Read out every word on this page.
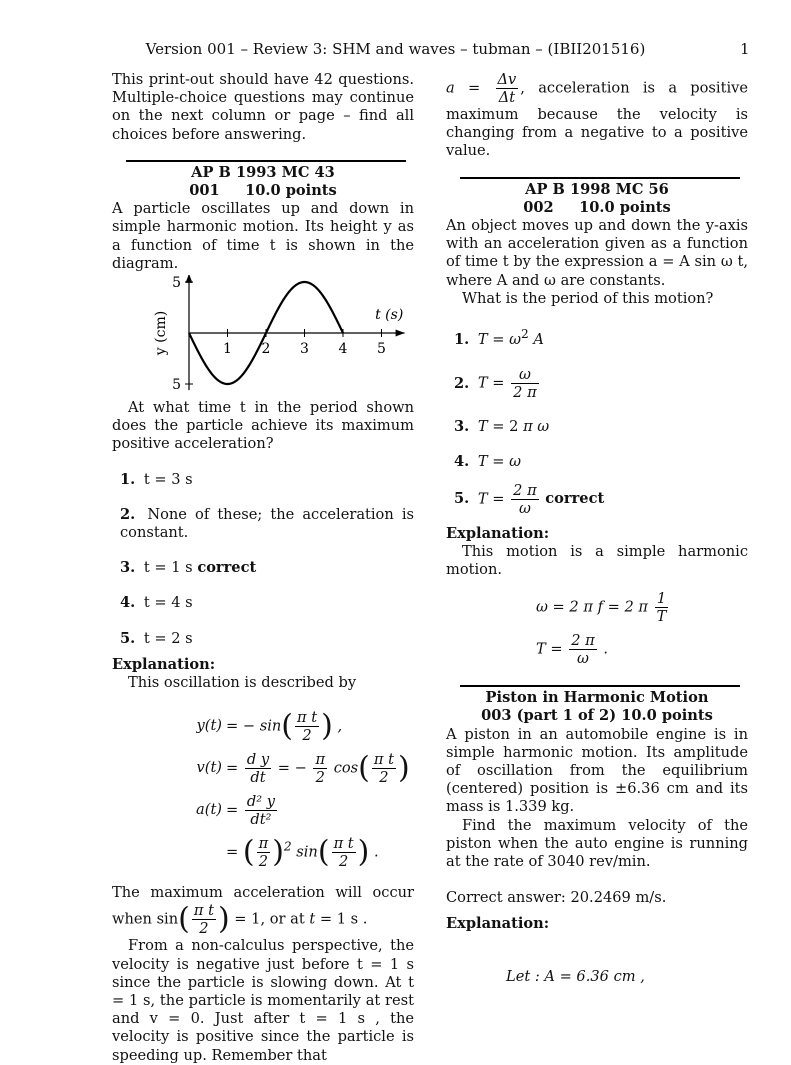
Version 001 – Review 3: SHM and waves – tubman – (IBII201516)	1

This print-out should have 42 questions. Multiple-choice questions may continue on the next column or page – find all choices before answering.

AP B 1993 MC 43
001 10.0 points

A particle oscillates up and down in simple harmonic motion. Its height y as a function of time t is shown in the diagram.

5
5
1 2 3 4 5
t (s)
y (cm)

At what time t in the period shown does the particle achieve its maximum positive acceleration?

1. t = 3 s
2. None of these; the acceleration is constant.
3. t = 1 s correct
4. t = 4 s
5. t = 2 s
Explanation:

This oscillation is described by

y(t) = − $\sin( \frac{\text{π t}}{2}$ ) ,
$v(t) = \frac{\text{d y}}{dt}$ = − $\frac{\pi}{2} \cos( \frac{\text{π t}}{2}$ )
$a(t) = \frac{\text{d² y}}{\text{dt²}}$
= ( $\frac{\pi}{2} )^2$ $\sin( \frac{\text{π t}}{2}$ ) .

The maximum acceleration will occur when $\sin( \frac{\text{π t}}{2}$ ) = 1, or at t = 1 s .

From a non-calculus perspective, the velocity is negative just before t = 1 s since the particle is slowing down. At t = 1 s, the particle is momentarily at rest and v = 0. Just after t = 1 s , the velocity is positive since the particle is speeding up. Remember that

$a = \frac{\Delta v}{\Delta t}$ , acceleration is a positive maximum because the velocity is changing from a negative to a positive value.

AP B 1998 MC 56
002 10.0 points

An object moves up and down the y-axis with an acceleration given as a function of time t by the expression a = A sin ω t, where A and ω are constants.

What is the period of this motion?

1. $T = \omega^2$ A
2. $T = \frac{\omega}{2 \pi}$
3. T = 2 π ω
4. T = ω
5. $T = \frac{2 \pi}{\omega}$ correct
Explanation:

This motion is a simple harmonic motion.

ω = 2 π f = 2 π $\frac{1}{T}$
$T = \frac{2 \pi}{\omega}$ .
Piston in Harmonic Motion
003 (part 1 of 2) 10.0 points

A piston in an automobile engine is in simple harmonic motion. Its amplitude of oscillation from the equilibrium (centered) position is ±6.36 cm and its mass is 1.339 kg.

Find the maximum velocity of the piston when the auto engine is running at the rate of 3040 rev/min.

Correct answer: 20.2469 m/s.

Explanation:

Let : A = 6.36 cm ,
